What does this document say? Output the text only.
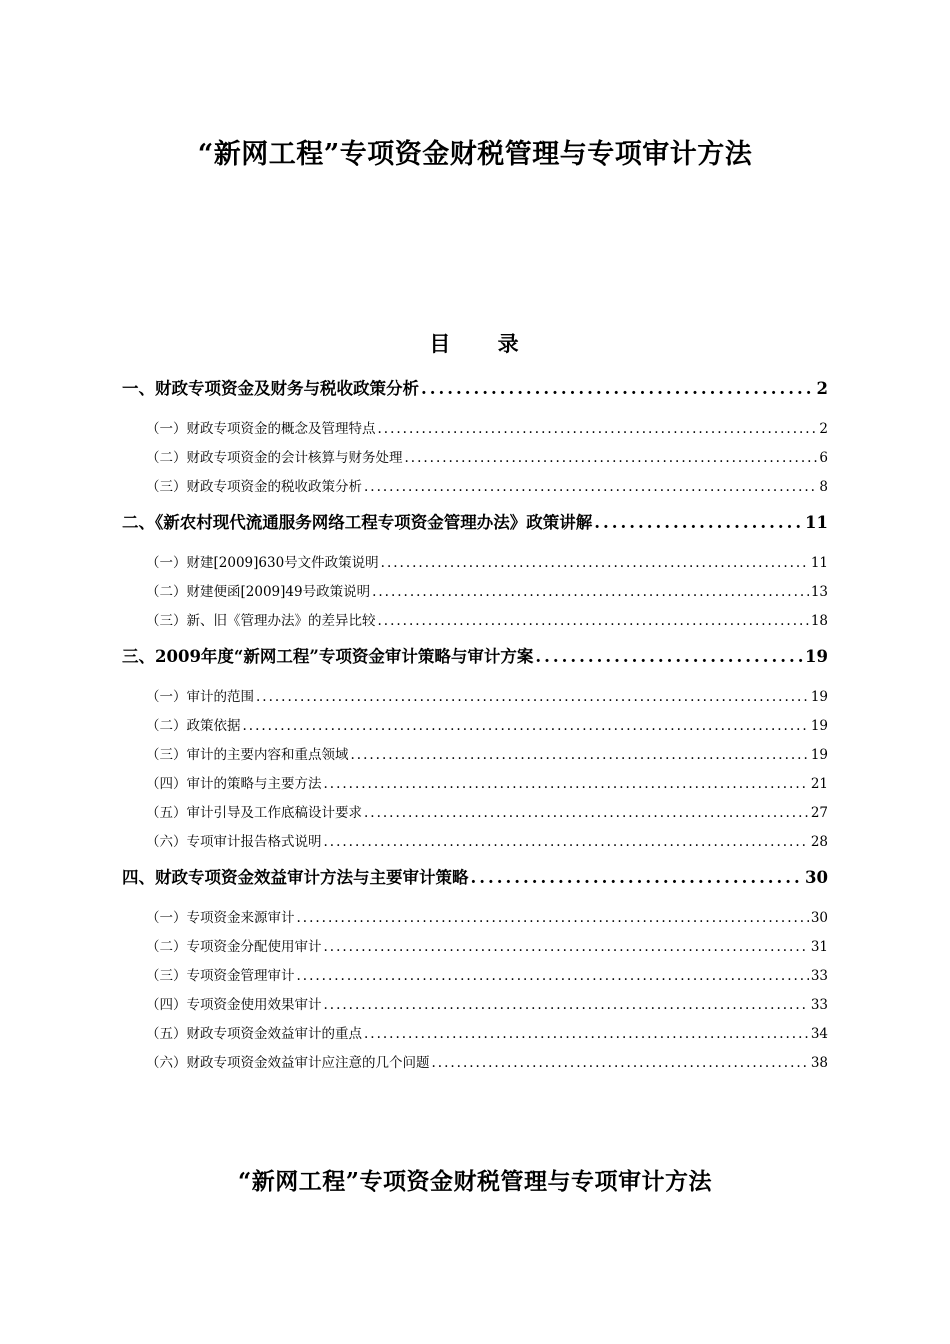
“新网工程”专项资金财税管理与专项审计方法
目 录
一、财政专项资金及财务与税收政策分析 .....	2
（一）财政专项资金的概念及管理特点 .....	2
（二）财政专项资金的会计核算与财务处理 .....	6
（三）财政专项资金的税收政策分析 .....	8
二、《新农村现代流通服务网络工程专项资金管理办法》政策讲解 .....	11
（一）财建[2009]630号文件政策说明 .....	11
（二）财建便函[2009]49号政策说明 .....	13
（三）新、旧《管理办法》的差异比较 .....	18
三、2009年度“新网工程”专项资金审计策略与审计方案 .....	19
（一）审计的范围 .....	19
（二）政策依据 .....	19
（三）审计的主要内容和重点领域 .....	19
（四）审计的策略与主要方法 .....	21
（五）审计引导及工作底稿设计要求 .....	27
（六）专项审计报告格式说明 .....	28
四、财政专项资金效益审计方法与主要审计策略 .....	30
（一）专项资金来源审计 .....	30
（二）专项资金分配使用审计 .....	31
（三）专项资金管理审计 .....	33
（四）专项资金使用效果审计 .....	33
（五）财政专项资金效益审计的重点 .....	34
（六）财政专项资金效益审计应注意的几个问题 .....	38
“新网工程”专项资金财税管理与专项审计方法
